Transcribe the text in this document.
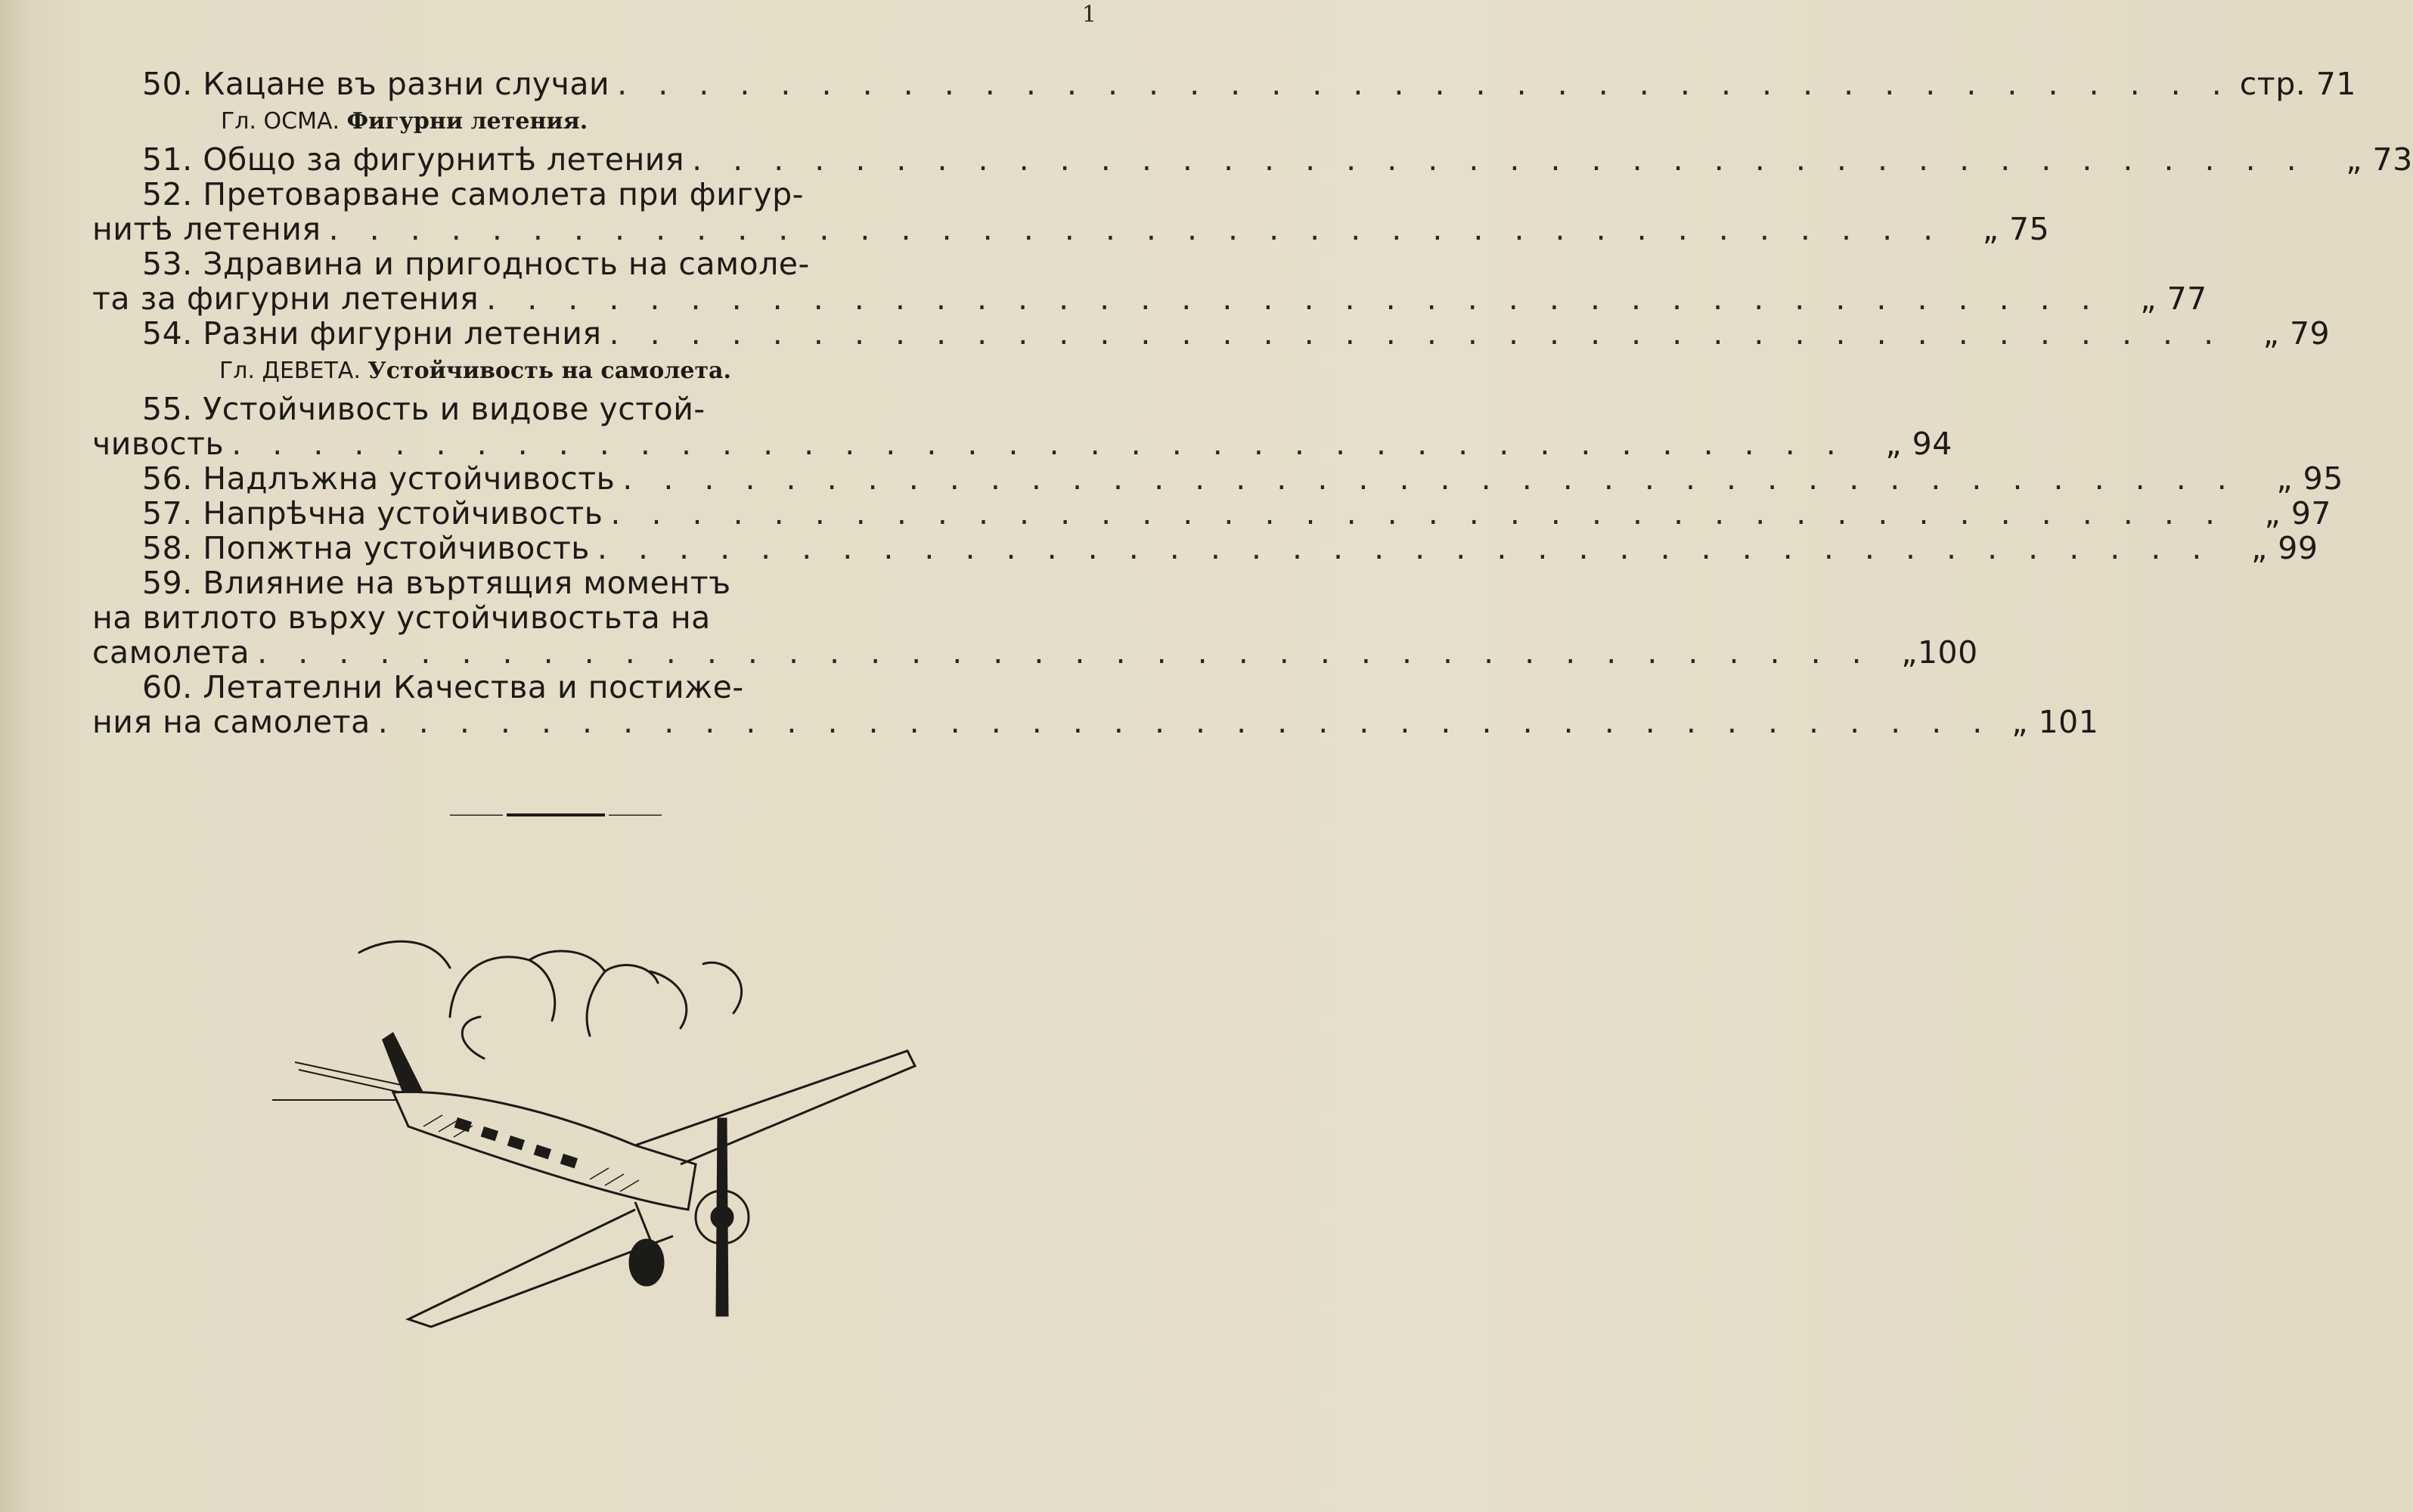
1
50. Кацане въ разни случаи . . . . . . . . . . . . . . . . . . . . . . . . . . . . . . . . . . . . . . . . стр. 71
Гл. ОСМА. Фигурни летения.
51. Общо за фигурнитѣ летения . . . . . . . . . . . . . . . . . . . . . . . . . . . . . . . . . . . . . . . .	„ 73
52. Претоварване самолета при фигур-
нитѣ летения . . . . . . . . . . . . . . . . . . . . . . . . . . . . . . . . . . . . . . . .	„ 75
53. Здравина и пригодность на самоле-
та за фигурни летения . . . . . . . . . . . . . . . . . . . . . . . . . . . . . . . . . . . . . . . .	„ 77
54. Разни фигурни летения . . . . . . . . . . . . . . . . . . . . . . . . . . . . . . . . . . . . . . . .	„ 79
Гл. ДЕВЕТА. Устойчивость на самолета.
55. Устойчивость и видове устой-
чивость . . . . . . . . . . . . . . . . . . . . . . . . . . . . . . . . . . . . . . . .	„ 94
56. Надлъжна устойчивость . . . . . . . . . . . . . . . . . . . . . . . . . . . . . . . . . . . . . . . .	„ 95
57. Напрѣчна устойчивость . . . . . . . . . . . . . . . . . . . . . . . . . . . . . . . . . . . . . . . .	„ 97
58. Попжтна устойчивость . . . . . . . . . . . . . . . . . . . . . . . . . . . . . . . . . . . . . . . .	„ 99
59. Влияние на въртящия моментъ
на витлото върху устойчивостьта на
самолета . . . . . . . . . . . . . . . . . . . . . . . . . . . . . . . . . . . . . . . . „100
60. Летателни Качества и постиже-
ния на самолета . . . . . . . . . . . . . . . . . . . . . . . . . . . . . . . . . . . . . . . . „ 101
